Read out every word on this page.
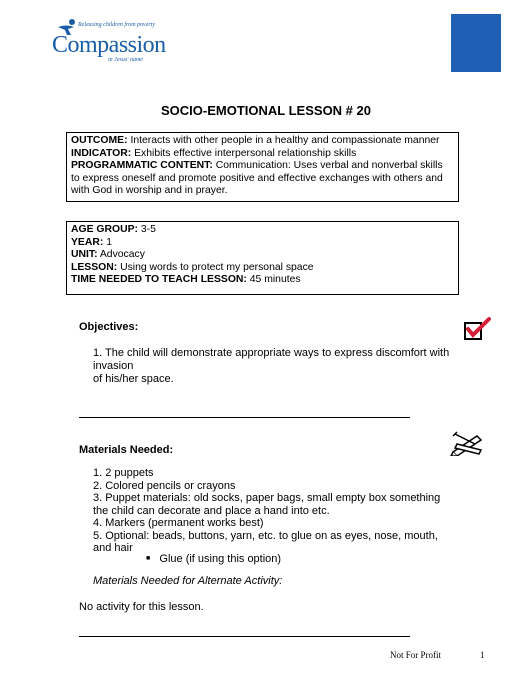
Releasing children from poverty
Compassion
in Jesus' name
SOCIO-EMOTIONAL LESSON # 20
OUTCOME: Interacts with other people in a healthy and compassionate manner
INDICATOR: Exhibits effective interpersonal relationship skills
PROGRAMMATIC CONTENT: Communication: Uses verbal and nonverbal skills
to express oneself and promote positive and effective exchanges with others and
with God in worship and in prayer.
AGE GROUP: 3-5
YEAR: 1
UNIT: Advocacy
LESSON: Using words to protect my personal space
TIME NEEDED TO TEACH LESSON: 45 minutes
Objectives:
1. The child will demonstrate appropriate ways to express discomfort with invasion
of his/her space.
Materials Needed:
1. 2 puppets
2. Colored pencils or crayons
3. Puppet materials: old socks, paper bags, small empty box something
the child can decorate and place a hand into etc.
4. Markers (permanent works best)
5. Optional: beads, buttons, yarn, etc. to glue on as eyes, nose, mouth,
and hair
■ Glue (if using this option)
Materials Needed for Alternate Activity:
No activity for this lesson.
Not For Profit	1
